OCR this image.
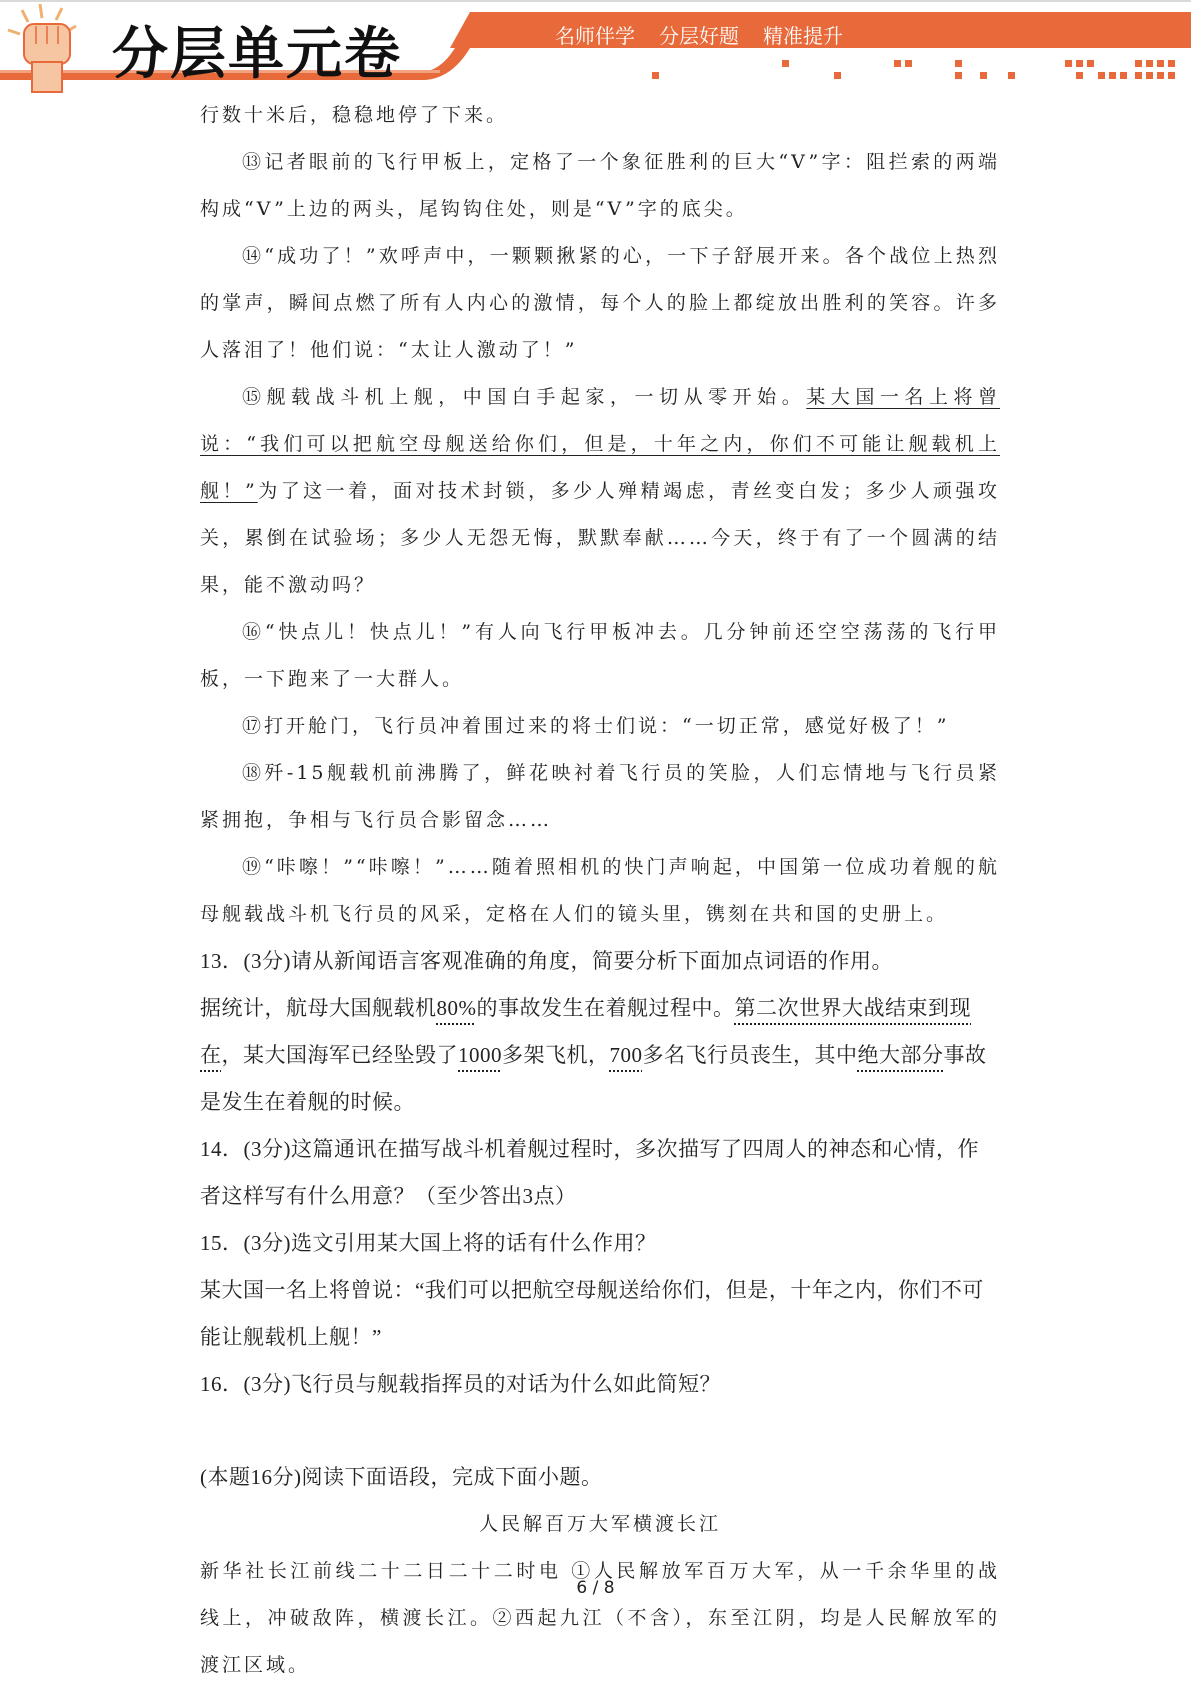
分层单元卷	名师伴学 分层好题 精准提升

行数十米后，稳稳地停了下来。

⑬记者眼前的飞行甲板上，定格了一个象征胜利的巨大“V”字：阻拦索的两端构成“V”上边的两头，尾钩钩住处，则是“V”字的底尖。

⑭“成功了！”欢呼声中，一颗颗揪紧的心，一下子舒展开来。各个战位上热烈的掌声，瞬间点燃了所有人内心的激情，每个人的脸上都绽放出胜利的笑容。许多人落泪了！他们说：“太让人激动了！”

⑮舰载战斗机上舰，中国白手起家，一切从零开始。某大国一名上将曾说：“我们可以把航空母舰送给你们，但是，十年之内，你们不可能让舰载机上舰！”为了这一着，面对技术封锁，多少人殚精竭虑，青丝变白发；多少人顽强攻关，累倒在试验场；多少人无怨无悔，默默奉献……今天，终于有了一个圆满的结果，能不激动吗？

⑯“快点儿！快点儿！”有人向飞行甲板冲去。几分钟前还空空荡荡的飞行甲板，一下跑来了一大群人。

⑰打开舱门，飞行员冲着围过来的将士们说：“一切正常，感觉好极了！”

⑱歼-15舰载机前沸腾了，鲜花映衬着飞行员的笑脸，人们忘情地与飞行员紧紧拥抱，争相与飞行员合影留念……

⑲“咔嚓！”“咔嚓！”……随着照相机的快门声响起，中国第一位成功着舰的航母舰载战斗机飞行员的风采，定格在人们的镜头里，镌刻在共和国的史册上。

13．(3分)请从新闻语言客观准确的角度，简要分析下面加点词语的作用。

据统计，航母大国舰载机80%的事故发生在着舰过程中。第二次世界大战结束到现在，某大国海军已经坠毁了1000多架飞机，700多名飞行员丧生，其中绝大部分事故是发生在着舰的时候。

14．(3分)这篇通讯在描写战斗机着舰过程时，多次描写了四周人的神态和心情，作者这样写有什么用意？（至少答出3点）

15．(3分)选文引用某大国上将的话有什么作用？

某大国一名上将曾说：“我们可以把航空母舰送给你们，但是，十年之内，你们不可能让舰载机上舰！”

16．(3分)飞行员与舰载指挥员的对话为什么如此简短？

(本题16分)阅读下面语段，完成下面小题。

人民解百万大军横渡长江

新华社长江前线二十二日二十二时电 ①人民解放军百万大军，从一千余华里的战线上，冲破敌阵，横渡长江。②西起九江（不含），东至江阴，均是人民解放军的渡江区域。

6 / 8
